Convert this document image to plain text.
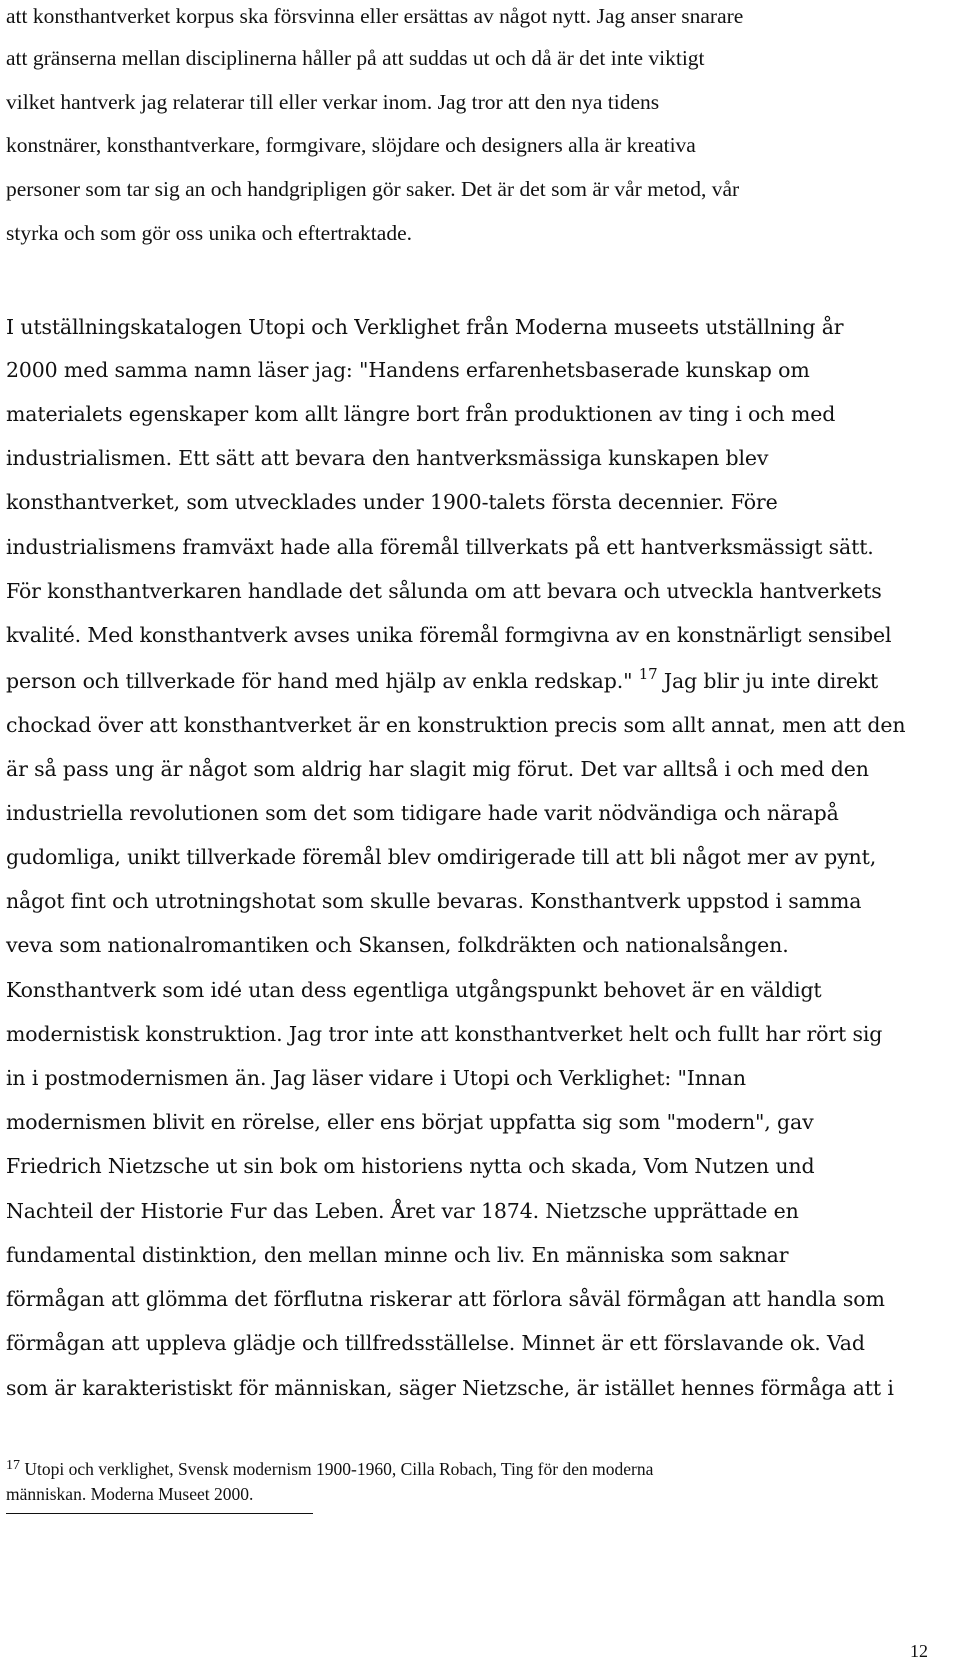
att konsthantverket korpus ska försvinna eller ersättas av något nytt. Jag anser snarare
att gränserna mellan disciplinerna håller på att suddas ut och då är det inte viktigt
vilket hantverk jag relaterar till eller verkar inom. Jag tror att den nya tidens
konstnärer, konsthantverkare, formgivare, slöjdare och designers alla är kreativa
personer som tar sig an och handgripligen gör saker. Det är det som är vår metod, vår
styrka och som gör oss unika och eftertraktade.
I utställningskatalogen Utopi och Verklighet från Moderna museets utställning år
2000 med samma namn läser jag: "Handens erfarenhetsbaserade kunskap om
materialets egenskaper kom allt längre bort från produktionen av ting i och med
industrialismen. Ett sätt att bevara den hantverksmässiga kunskapen blev
konsthantverket, som utvecklades under 1900-talets första decennier. Före
industrialismens framväxt hade alla föremål tillverkats på ett hantverksmässigt sätt.
För konsthantverkaren handlade det sålunda om att bevara och utveckla hantverkets
kvalité. Med konsthantverk avses unika föremål formgivna av en konstnärligt sensibel
person och tillverkade för hand med hjälp av enkla redskap." $^{17}$ Jag blir ju inte direkt
chockad över att konsthantverket är en konstruktion precis som allt annat, men att den
är så pass ung är något som aldrig har slagit mig förut. Det var alltså i och med den
industriella revolutionen som det som tidigare hade varit nödvändiga och närapå
gudomliga, unikt tillverkade föremål blev omdirigerade till att bli något mer av pynt,
något fint och utrotningshotat som skulle bevaras. Konsthantverk uppstod i samma
veva som nationalromantiken och Skansen, folkdräkten och nationalsången.
Konsthantverk som idé utan dess egentliga utgångspunkt behovet är en väldigt
modernistisk konstruktion. Jag tror inte att konsthantverket helt och fullt har rört sig
in i postmodernismen än. Jag läser vidare i Utopi och Verklighet: "Innan
modernismen blivit en rörelse, eller ens börjat uppfatta sig som "modern", gav
Friedrich Nietzsche ut sin bok om historiens nytta och skada, Vom Nutzen und
Nachteil der Historie Fur das Leben. Året var 1874. Nietzsche upprättade en
fundamental distinktion, den mellan minne och liv. En människa som saknar
förmågan att glömma det förflutna riskerar att förlora såväl förmågan att handla som
förmågan att uppleva glädje och tillfredsställelse. Minnet är ett förslavande ok. Vad
som är karakteristiskt för människan, säger Nietzsche, är istället hennes förmåga att i
$^{17}$ Utopi och verklighet, Svensk modernism 1900-1960, Cilla Robach, Ting för den moderna
människan. Moderna Museet 2000.
12
